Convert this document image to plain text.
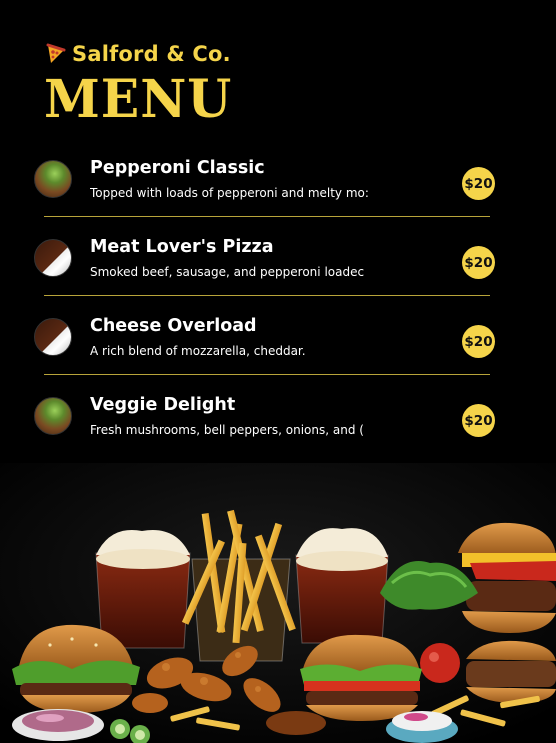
Salford & Co.
MENU
Pepperoni Classic
Topped with loads of pepperoni and melty mo:
$20
Meat Lover's Pizza
Smoked beef, sausage, and pepperoni loadec
$20
Cheese Overload
A rich blend of mozzarella, cheddar.
$20
Veggie Delight
Fresh mushrooms, bell peppers, onions, and (
$20
